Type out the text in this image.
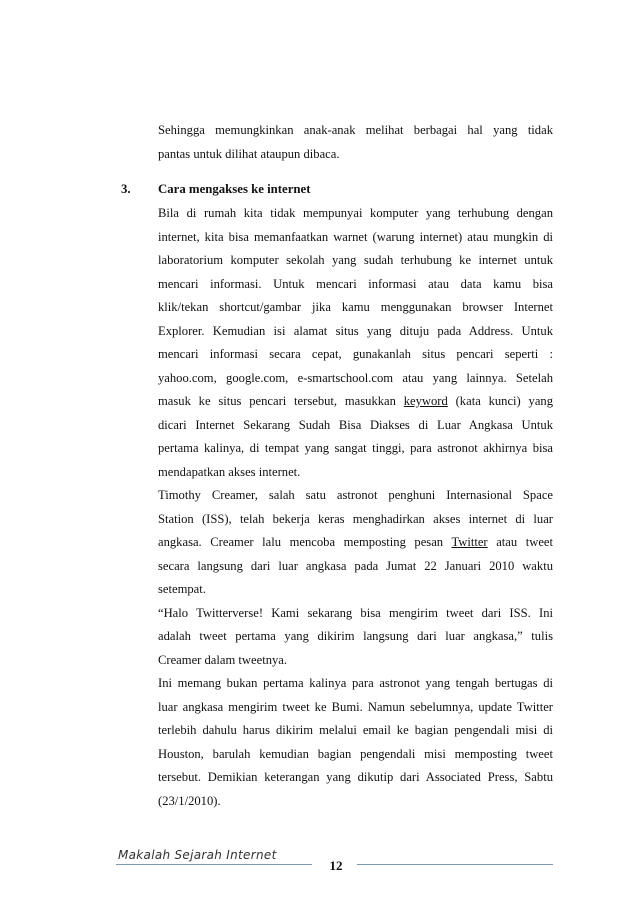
Sehingga memungkinkan anak-anak melihat berbagai hal yang tidak
pantas untuk dilihat ataupun dibaca.
3. Cara mengakses ke internet
Bila di rumah kita tidak mempunyai komputer yang terhubung dengan
internet, kita bisa memanfaatkan warnet (warung internet) atau mungkin di
laboratorium komputer sekolah yang sudah terhubung ke internet untuk
mencari informasi. Untuk mencari informasi atau data kamu bisa
klik/tekan shortcut/gambar jika kamu menggunakan browser Internet
Explorer. Kemudian isi alamat situs yang dituju pada Address. Untuk
mencari informasi secara cepat, gunakanlah situs pencari seperti :
yahoo.com, google.com, e-smartschool.com atau yang lainnya. Setelah
masuk ke situs pencari tersebut, masukkan keyword (kata kunci) yang
dicari Internet Sekarang Sudah Bisa Diakses di Luar Angkasa Untuk
pertama kalinya, di tempat yang sangat tinggi, para astronot akhirnya bisa
mendapatkan akses internet.
Timothy Creamer, salah satu astronot penghuni Internasional Space
Station (ISS), telah bekerja keras menghadirkan akses internet di luar
angkasa. Creamer lalu mencoba memposting pesan Twitter atau tweet
secara langsung dari luar angkasa pada Jumat 22 Januari 2010 waktu
setempat.
“Halo Twitterverse! Kami sekarang bisa mengirim tweet dari ISS. Ini
adalah tweet pertama yang dikirim langsung dari luar angkasa,” tulis
Creamer dalam tweetnya.
Ini memang bukan pertama kalinya para astronot yang tengah bertugas di
luar angkasa mengirim tweet ke Bumi. Namun sebelumnya, update Twitter
terlebih dahulu harus dikirim melalui email ke bagian pengendali misi di
Houston, barulah kemudian bagian pengendali misi memposting tweet
tersebut. Demikian keterangan yang dikutip dari Associated Press, Sabtu
(23/1/2010).
Makalah Sejarah Internet
12
